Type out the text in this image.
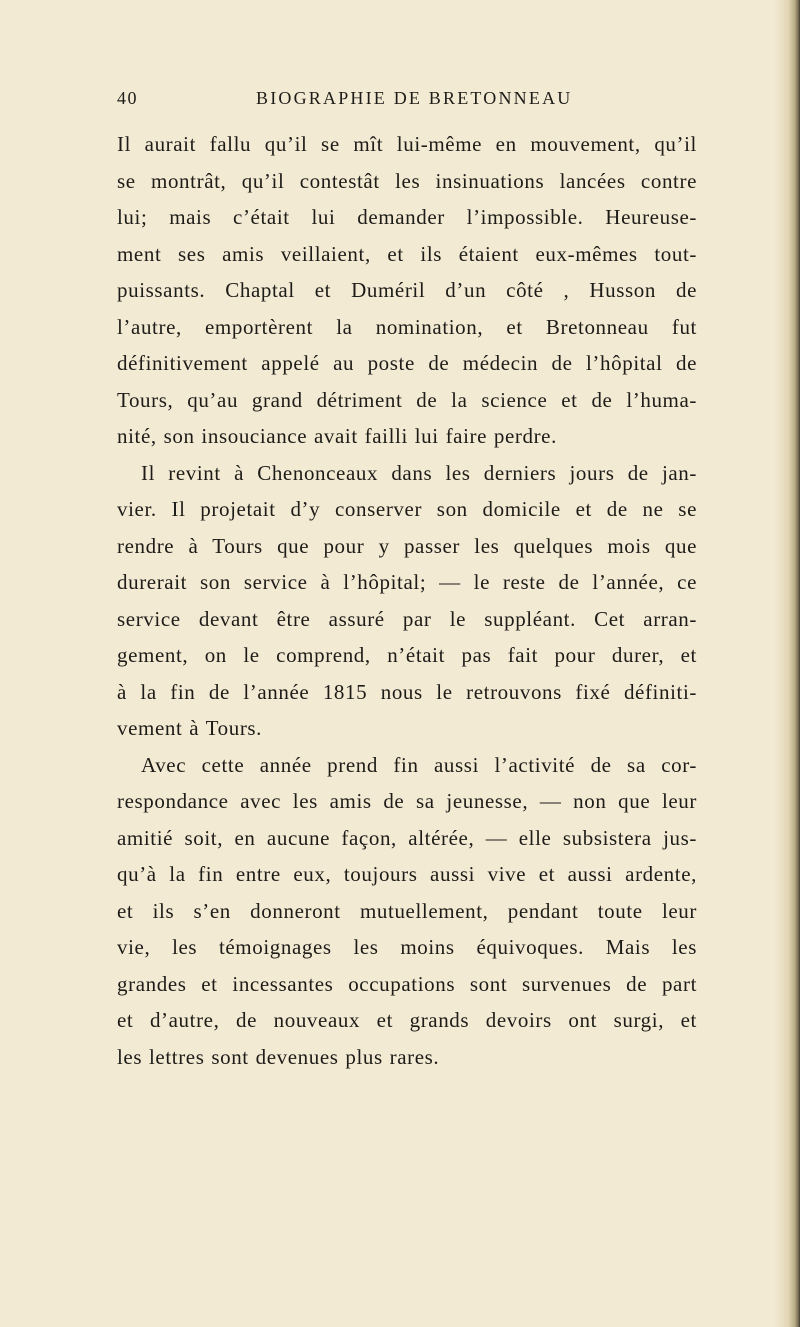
40	BIOGRAPHIE DE BRETONNEAU
Il aurait fallu qu’il se mît lui-même en mouvement, qu’il
se montrât, qu’il contestât les insinuations lancées contre
lui; mais c’était lui demander l’impossible. Heureuse-
ment ses amis veillaient, et ils étaient eux-mêmes tout-
puissants. Chaptal et Duméril d’un côté , Husson de
l’autre, emportèrent la nomination, et Bretonneau fut
définitivement appelé au poste de médecin de l’hôpital de
Tours, qu’au grand détriment de la science et de l’huma-
nité, son insouciance avait failli lui faire perdre.
Il revint à Chenonceaux dans les derniers jours de jan-
vier. Il projetait d’y conserver son domicile et de ne se
rendre à Tours que pour y passer les quelques mois que
durerait son service à l’hôpital; — le reste de l’année, ce
service devant être assuré par le suppléant. Cet arran-
gement, on le comprend, n’était pas fait pour durer, et
à la fin de l’année 1815 nous le retrouvons fixé définiti-
vement à Tours.
Avec cette année prend fin aussi l’activité de sa cor-
respondance avec les amis de sa jeunesse, — non que leur
amitié soit, en aucune façon, altérée, — elle subsistera jus-
qu’à la fin entre eux, toujours aussi vive et aussi ardente,
et ils s’en donneront mutuellement, pendant toute leur
vie, les témoignages les moins équivoques. Mais les
grandes et incessantes occupations sont survenues de part
et d’autre, de nouveaux et grands devoirs ont surgi, et
les lettres sont devenues plus rares.
